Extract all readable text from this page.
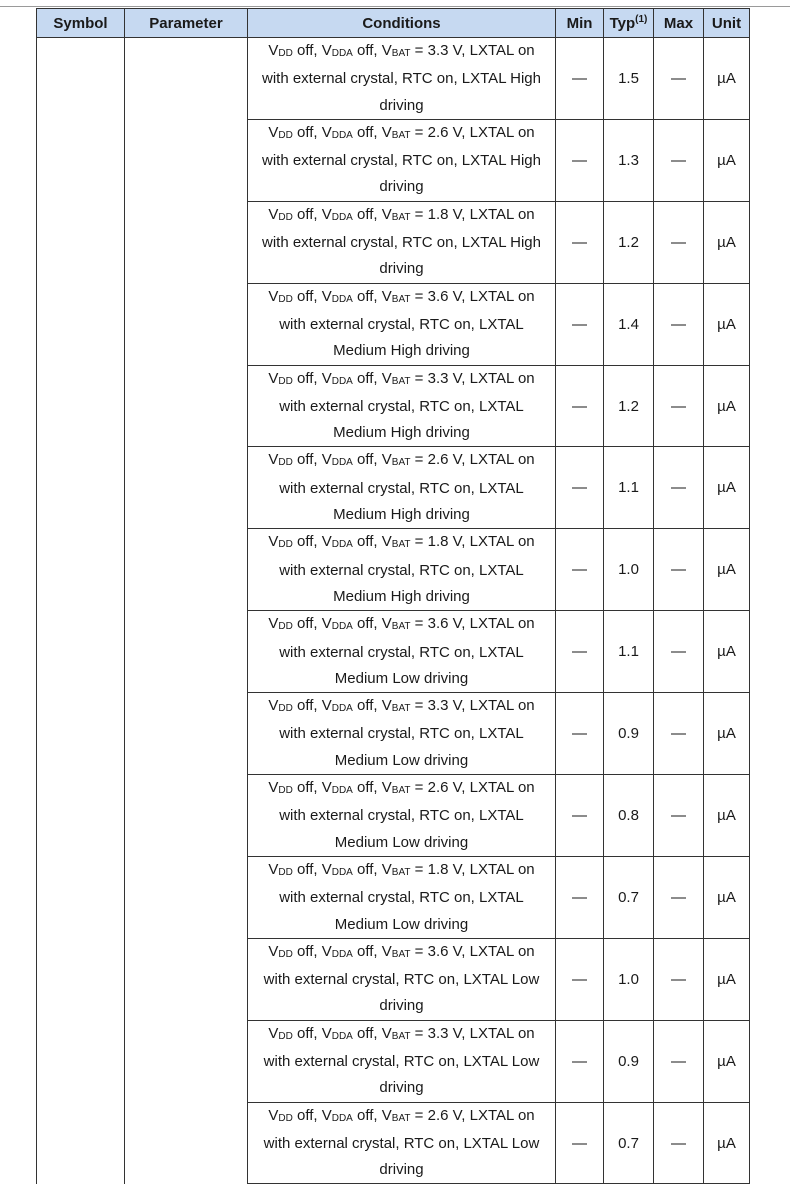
Symbol	Parameter	Conditions	Min	Typ$^{(1)}$	Max	Unit

		$V_{DD}$ off, $V_{DDA}$ off, $V_{BAT} = 3.3$ V, LXTAL on
with external crystal, RTC on, LXTAL High
driving	—	1.5	—	µA

		$V_{DD}$ off, $V_{DDA}$ off, $V_{BAT} = 2.6$ V, LXTAL on
with external crystal, RTC on, LXTAL High
driving	—	1.3	—	µA

		$V_{DD}$ off, $V_{DDA}$ off, $V_{BAT} = 1.8$ V, LXTAL on
with external crystal, RTC on, LXTAL High
driving	—	1.2	—	µA

		$V_{DD}$ off, $V_{DDA}$ off, $V_{BAT} = 3.6$ V, LXTAL on
with external crystal, RTC on, LXTAL
Medium High driving	—	1.4	—	µA

		$V_{DD}$ off, $V_{DDA}$ off, $V_{BAT} = 3.3$ V, LXTAL on
with external crystal, RTC on, LXTAL
Medium High driving	—	1.2	—	µA

		$V_{DD}$ off, $V_{DDA}$ off, $V_{BAT} = 2.6$ V, LXTAL on
with external crystal, RTC on, LXTAL
Medium High driving	—	1.1	—	µA

		$V_{DD}$ off, $V_{DDA}$ off, $V_{BAT} = 1.8$ V, LXTAL on
with external crystal, RTC on, LXTAL
Medium High driving	—	1.0	—	µA

		$V_{DD}$ off, $V_{DDA}$ off, $V_{BAT} = 3.6$ V, LXTAL on
with external crystal, RTC on, LXTAL
Medium Low driving	—	1.1	—	µA

		$V_{DD}$ off, $V_{DDA}$ off, $V_{BAT} = 3.3$ V, LXTAL on
with external crystal, RTC on, LXTAL
Medium Low driving	—	0.9	—	µA

		$V_{DD}$ off, $V_{DDA}$ off, $V_{BAT} = 2.6$ V, LXTAL on
with external crystal, RTC on, LXTAL
Medium Low driving	—	0.8	—	µA

		$V_{DD}$ off, $V_{DDA}$ off, $V_{BAT} = 1.8$ V, LXTAL on
with external crystal, RTC on, LXTAL
Medium Low driving	—	0.7	—	µA

		$V_{DD}$ off, $V_{DDA}$ off, $V_{BAT} = 3.6$ V, LXTAL on
with external crystal, RTC on, LXTAL Low
driving	—	1.0	—	µA

		$V_{DD}$ off, $V_{DDA}$ off, $V_{BAT} = 3.3$ V, LXTAL on
with external crystal, RTC on, LXTAL Low
driving	—	0.9	—	µA

		$V_{DD}$ off, $V_{DDA}$ off, $V_{BAT} = 2.6$ V, LXTAL on
with external crystal, RTC on, LXTAL Low
driving	—	0.7	—	µA
